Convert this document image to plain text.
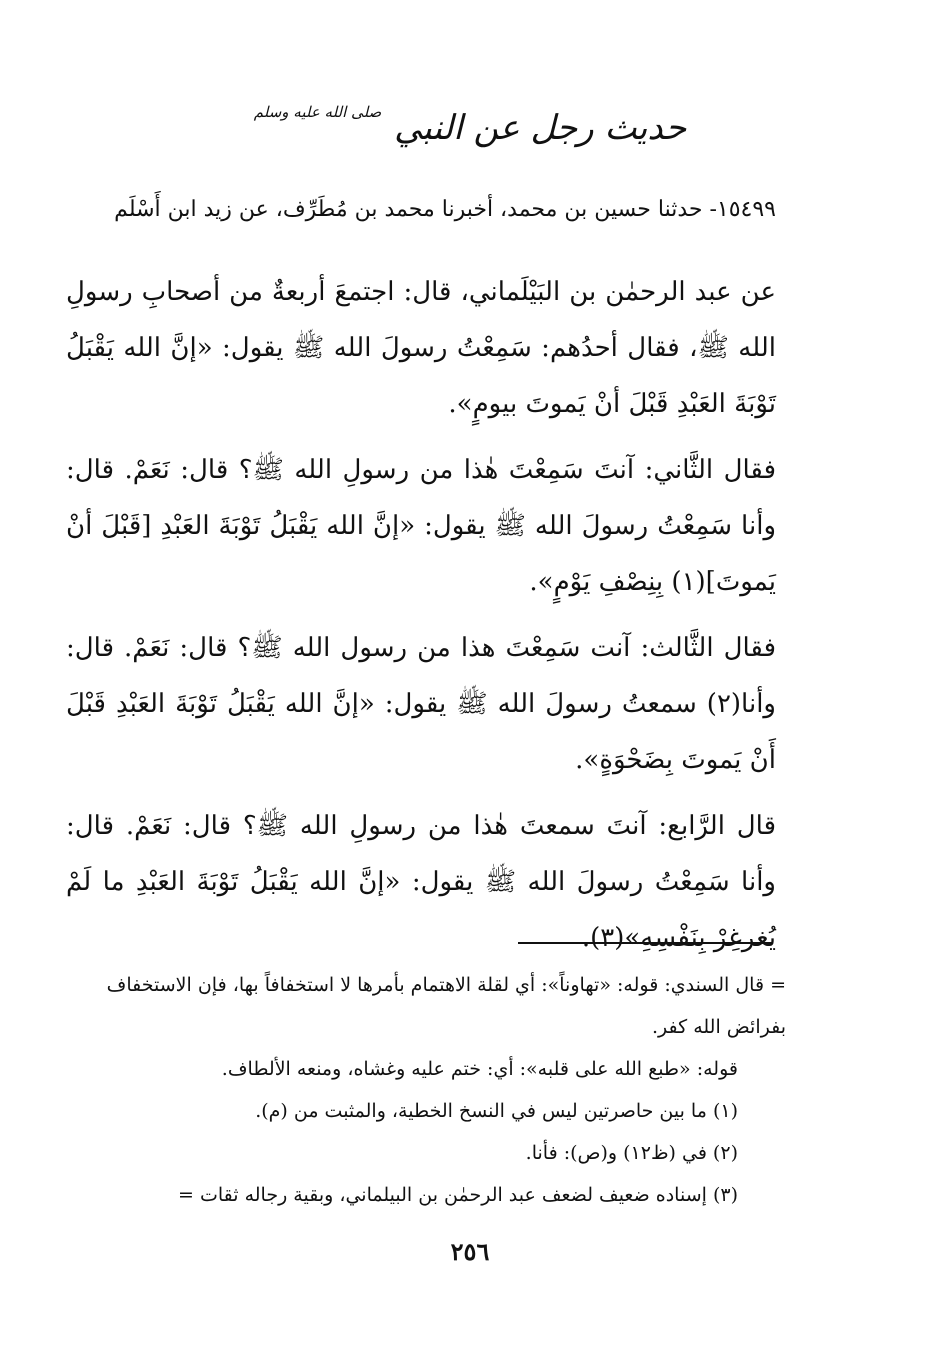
حديث رجل عن النبي $^{صلى الله عليه وسلم}$

١٥٤٩٩- حدثنا حسين بن محمد، أخبرنا محمد بن مُطَرِّف، عن زيد ابن أَسْلَم

عن عبد الرحمٰن بن البَيْلَماني، قال: اجتمعَ أربعةٌ من أصحابِ رسولِ الله ﷺ، فقال أحدُهم: سَمِعْتُ رسولَ الله ﷺ يقول: «إنَّ الله يَقْبَلُ تَوْبَةَ العَبْدِ قَبْلَ أنْ يَموتَ بيومٍ».

فقال الثَّاني: آنتَ سَمِعْتَ هٰذا من رسولِ الله ﷺ؟ قال: نَعَمْ. قال: وأنا سَمِعْتُ رسولَ الله ﷺ يقول: «إنَّ الله يَقْبَلُ تَوْبَةَ العَبْدِ [قَبْلَ أنْ يَموتَ](١) بِنِصْفِ يَوْمٍ».

فقال الثَّالث: آنت سَمِعْتَ هذا من رسول الله ﷺ؟ قال: نَعَمْ. قال: وأنا(٢) سمعتُ رسولَ الله ﷺ يقول: «إنَّ الله يَقْبَلُ تَوْبَةَ العَبْدِ قَبْلَ أَنْ يَموتَ بِضَحْوَةٍ».

قال الرَّابع: آنتَ سمعتَ هٰذا من رسولِ الله ﷺ؟ قال: نَعَمْ. قال: وأنا سَمِعْتُ رسولَ الله ﷺ يقول: «إنَّ الله يَقْبَلُ تَوْبَةَ العَبْدِ ما لَمْ يُغرغِرْ بِنَفْسِهِ»(٣).

= قال السندي: قوله: «تهاوناً»: أي لقلة الاهتمام بأمرها لا استخفافاً بها، فإن الاستخفاف بفرائض الله كفر.

قوله: «طبع الله على قلبه»: أي: ختم عليه وغشاه، ومنعه الألطاف.

(١) ما بين حاصرتين ليس في النسخ الخطية، والمثبت من (م).

(٢) في (ظ١٢) و(ص): فأنا.

(٣) إسناده ضعيف لضعف عبد الرحمٰن بن البيلماني، وبقية رجاله ثقات =

٢٥٦
